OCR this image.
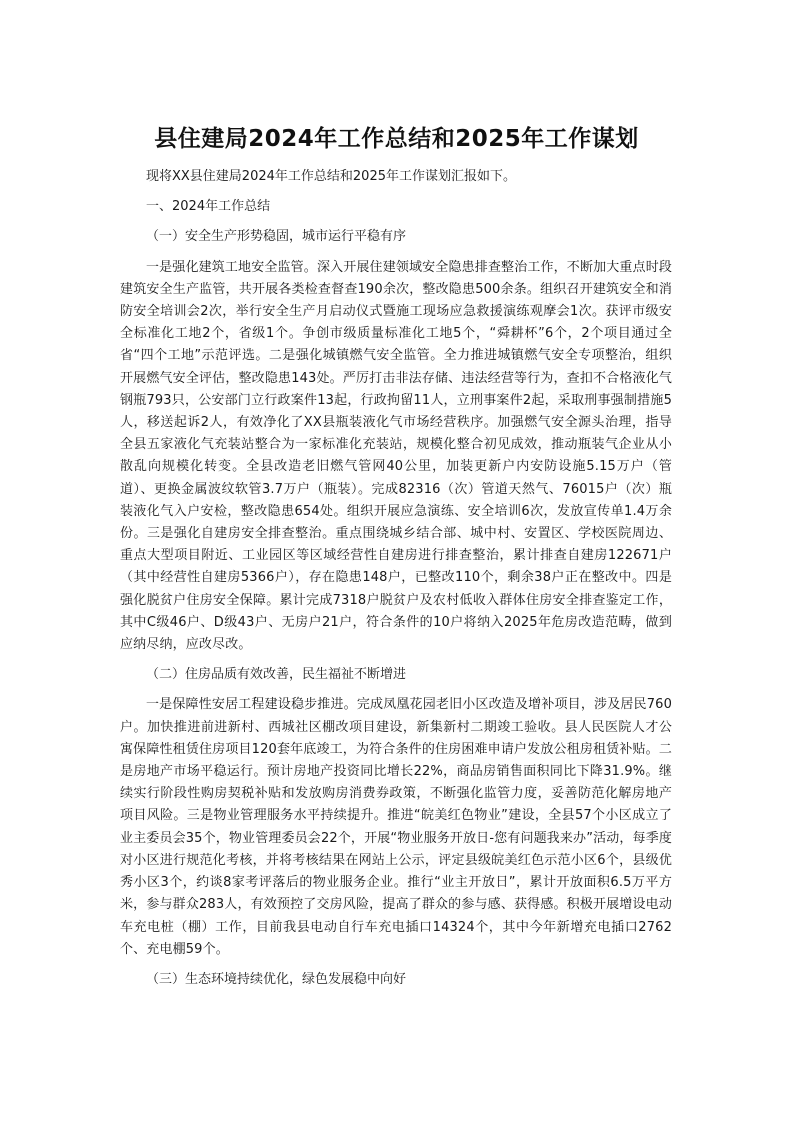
县住建局2024年工作总结和2025年工作谋划

现将XX县住建局2024年工作总结和2025年工作谋划汇报如下。

一、2024年工作总结

（一）安全生产形势稳固，城市运行平稳有序

一是强化建筑工地安全监管。深入开展住建领域安全隐患排查整治工作，不断加大重点时段建筑安全生产监管，共开展各类检查督查190余次，整改隐患500余条。组织召开建筑安全和消防安全培训会2次，举行安全生产月启动仪式暨施工现场应急救援演练观摩会1次。获评市级安全标准化工地2个，省级1个。争创市级质量标准化工地5个，“舜耕杯”6个，2个项目通过全省“四个工地”示范评选。二是强化城镇燃气安全监管。全力推进城镇燃气安全专项整治，组织开展燃气安全评估，整改隐患143处。严厉打击非法存储、违法经营等行为，查扣不合格液化气钢瓶793只，公安部门立行政案件13起，行政拘留11人，立刑事案件2起，采取刑事强制措施5人，移送起诉2人，有效净化了XX县瓶装液化气市场经营秩序。加强燃气安全源头治理，指导全县五家液化气充装站整合为一家标准化充装站，规模化整合初见成效，推动瓶装气企业从小散乱向规模化转变。全县改造老旧燃气管网40公里，加装更新户内安防设施5.15万户（管道）、更换金属波纹软管3.7万户（瓶装）。完成82316（次）管道天然气、76015户（次）瓶装液化气入户安检，整改隐患654处。组织开展应急演练、安全培训6次，发放宣传单1.4万余份。三是强化自建房安全排查整治。重点围绕城乡结合部、城中村、安置区、学校医院周边、重点大型项目附近、工业园区等区域经营性自建房进行排查整治，累计排查自建房122671户（其中经营性自建房5366户），存在隐患148户，已整改110个，剩余38户正在整改中。四是强化脱贫户住房安全保障。累计完成7318户脱贫户及农村低收入群体住房安全排查鉴定工作，其中C级46户、D级43户、无房户21户，符合条件的10户将纳入2025年危房改造范畴，做到应纳尽纳，应改尽改。

（二）住房品质有效改善，民生福祉不断增进

一是保障性安居工程建设稳步推进。完成凤凰花园老旧小区改造及增补项目，涉及居民760户。加快推进前进新村、西城社区棚改项目建设，新集新村二期竣工验收。县人民医院人才公寓保障性租赁住房项目120套年底竣工，为符合条件的住房困难申请户发放公租房租赁补贴。二是房地产市场平稳运行。预计房地产投资同比增长22%，商品房销售面积同比下降31.9%。继续实行阶段性购房契税补贴和发放购房消费券政策，不断强化监管力度，妥善防范化解房地产项目风险。三是物业管理服务水平持续提升。推进“皖美红色物业”建设，全县57个小区成立了业主委员会35个，物业管理委员会22个，开展“物业服务开放日-您有问题我来办”活动，每季度对小区进行规范化考核，并将考核结果在网站上公示，评定县级皖美红色示范小区6个，县级优秀小区3个，约谈8家考评落后的物业服务企业。推行“业主开放日”，累计开放面积6.5万平方米，参与群众283人，有效预控了交房风险，提高了群众的参与感、获得感。积极开展增设电动车充电桩（棚）工作，目前我县电动自行车充电插口14324个，其中今年新增充电插口2762个、充电棚59个。

（三）生态环境持续优化，绿色发展稳中向好
